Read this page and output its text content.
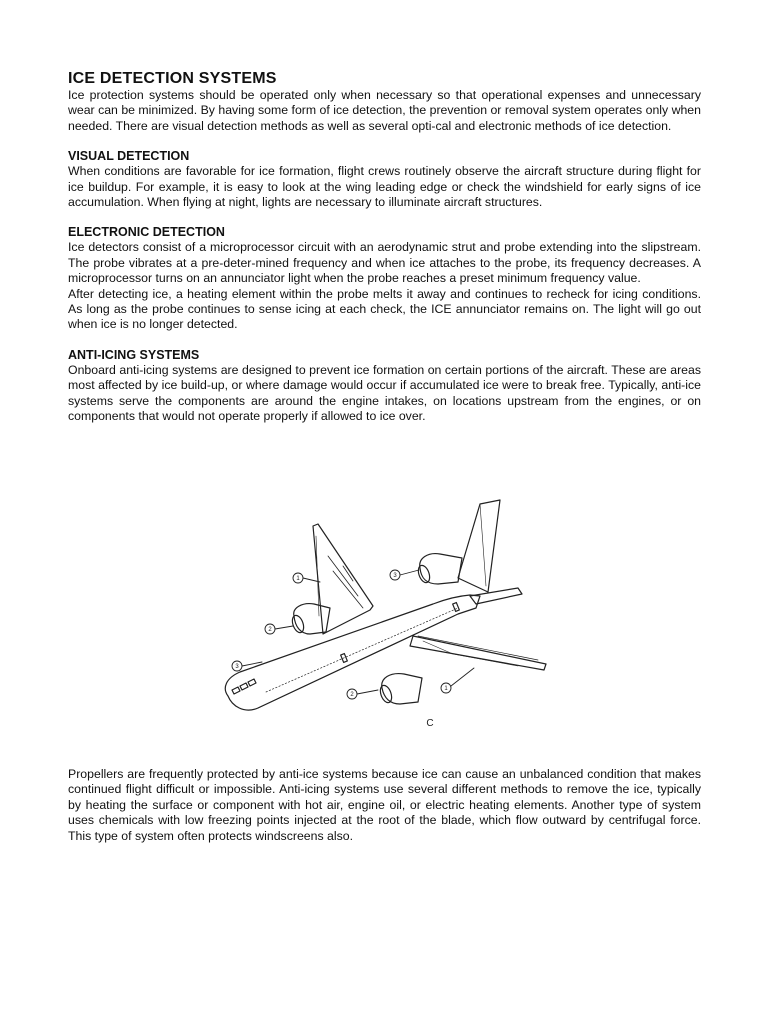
ICE DETECTION SYSTEMS

Ice protection systems should be operated only when necessary so that operational expenses and unnecessary wear can be minimized. By having some form of ice detection, the prevention or removal system operates only when needed. There are visual detection methods as well as several opti-cal and electronic methods of ice detection.

VISUAL DETECTION

When conditions are favorable for ice formation, flight crews routinely observe the aircraft structure during flight for ice buildup. For example, it is easy to look at the wing leading edge or check the windshield for early signs of ice accumulation. When flying at night, lights are necessary to illuminate aircraft structures.

ELECTRONIC DETECTION

Ice detectors consist of a microprocessor circuit with an aerodynamic strut and probe extending into the slipstream. The probe vibrates at a pre-deter-mined frequency and when ice attaches to the probe, its frequency decreases. A microprocessor turns on an annunciator light when the probe reaches a preset minimum frequency value.

After detecting ice, a heating element within the probe melts it away and continues to recheck for icing conditions. As long as the probe continues to sense icing at each check, the ICE annunciator remains on. The light will go out when ice is no longer detected.

ANTI-ICING SYSTEMS

Onboard anti-icing systems are designed to prevent ice formation on certain portions of the aircraft. These are areas most affected by ice build-up, or where damage would occur if accumulated ice were to break free. Typically, anti-ice systems serve the components are around the engine intakes, on locations upstream from the engines, or on components that would not operate properly if allowed to ice over.

1
2
3
2
3
1
C

Propellers are frequently protected by anti-ice systems because ice can cause an unbalanced condition that makes continued flight difficult or impossible. Anti-icing systems use several different methods to remove the ice, typically by heating the surface or component with hot air, engine oil, or electric heating elements. Another type of system uses chemicals with low freezing points injected at the root of the blade, which flow outward by centrifugal force. This type of system often protects windscreens also.
